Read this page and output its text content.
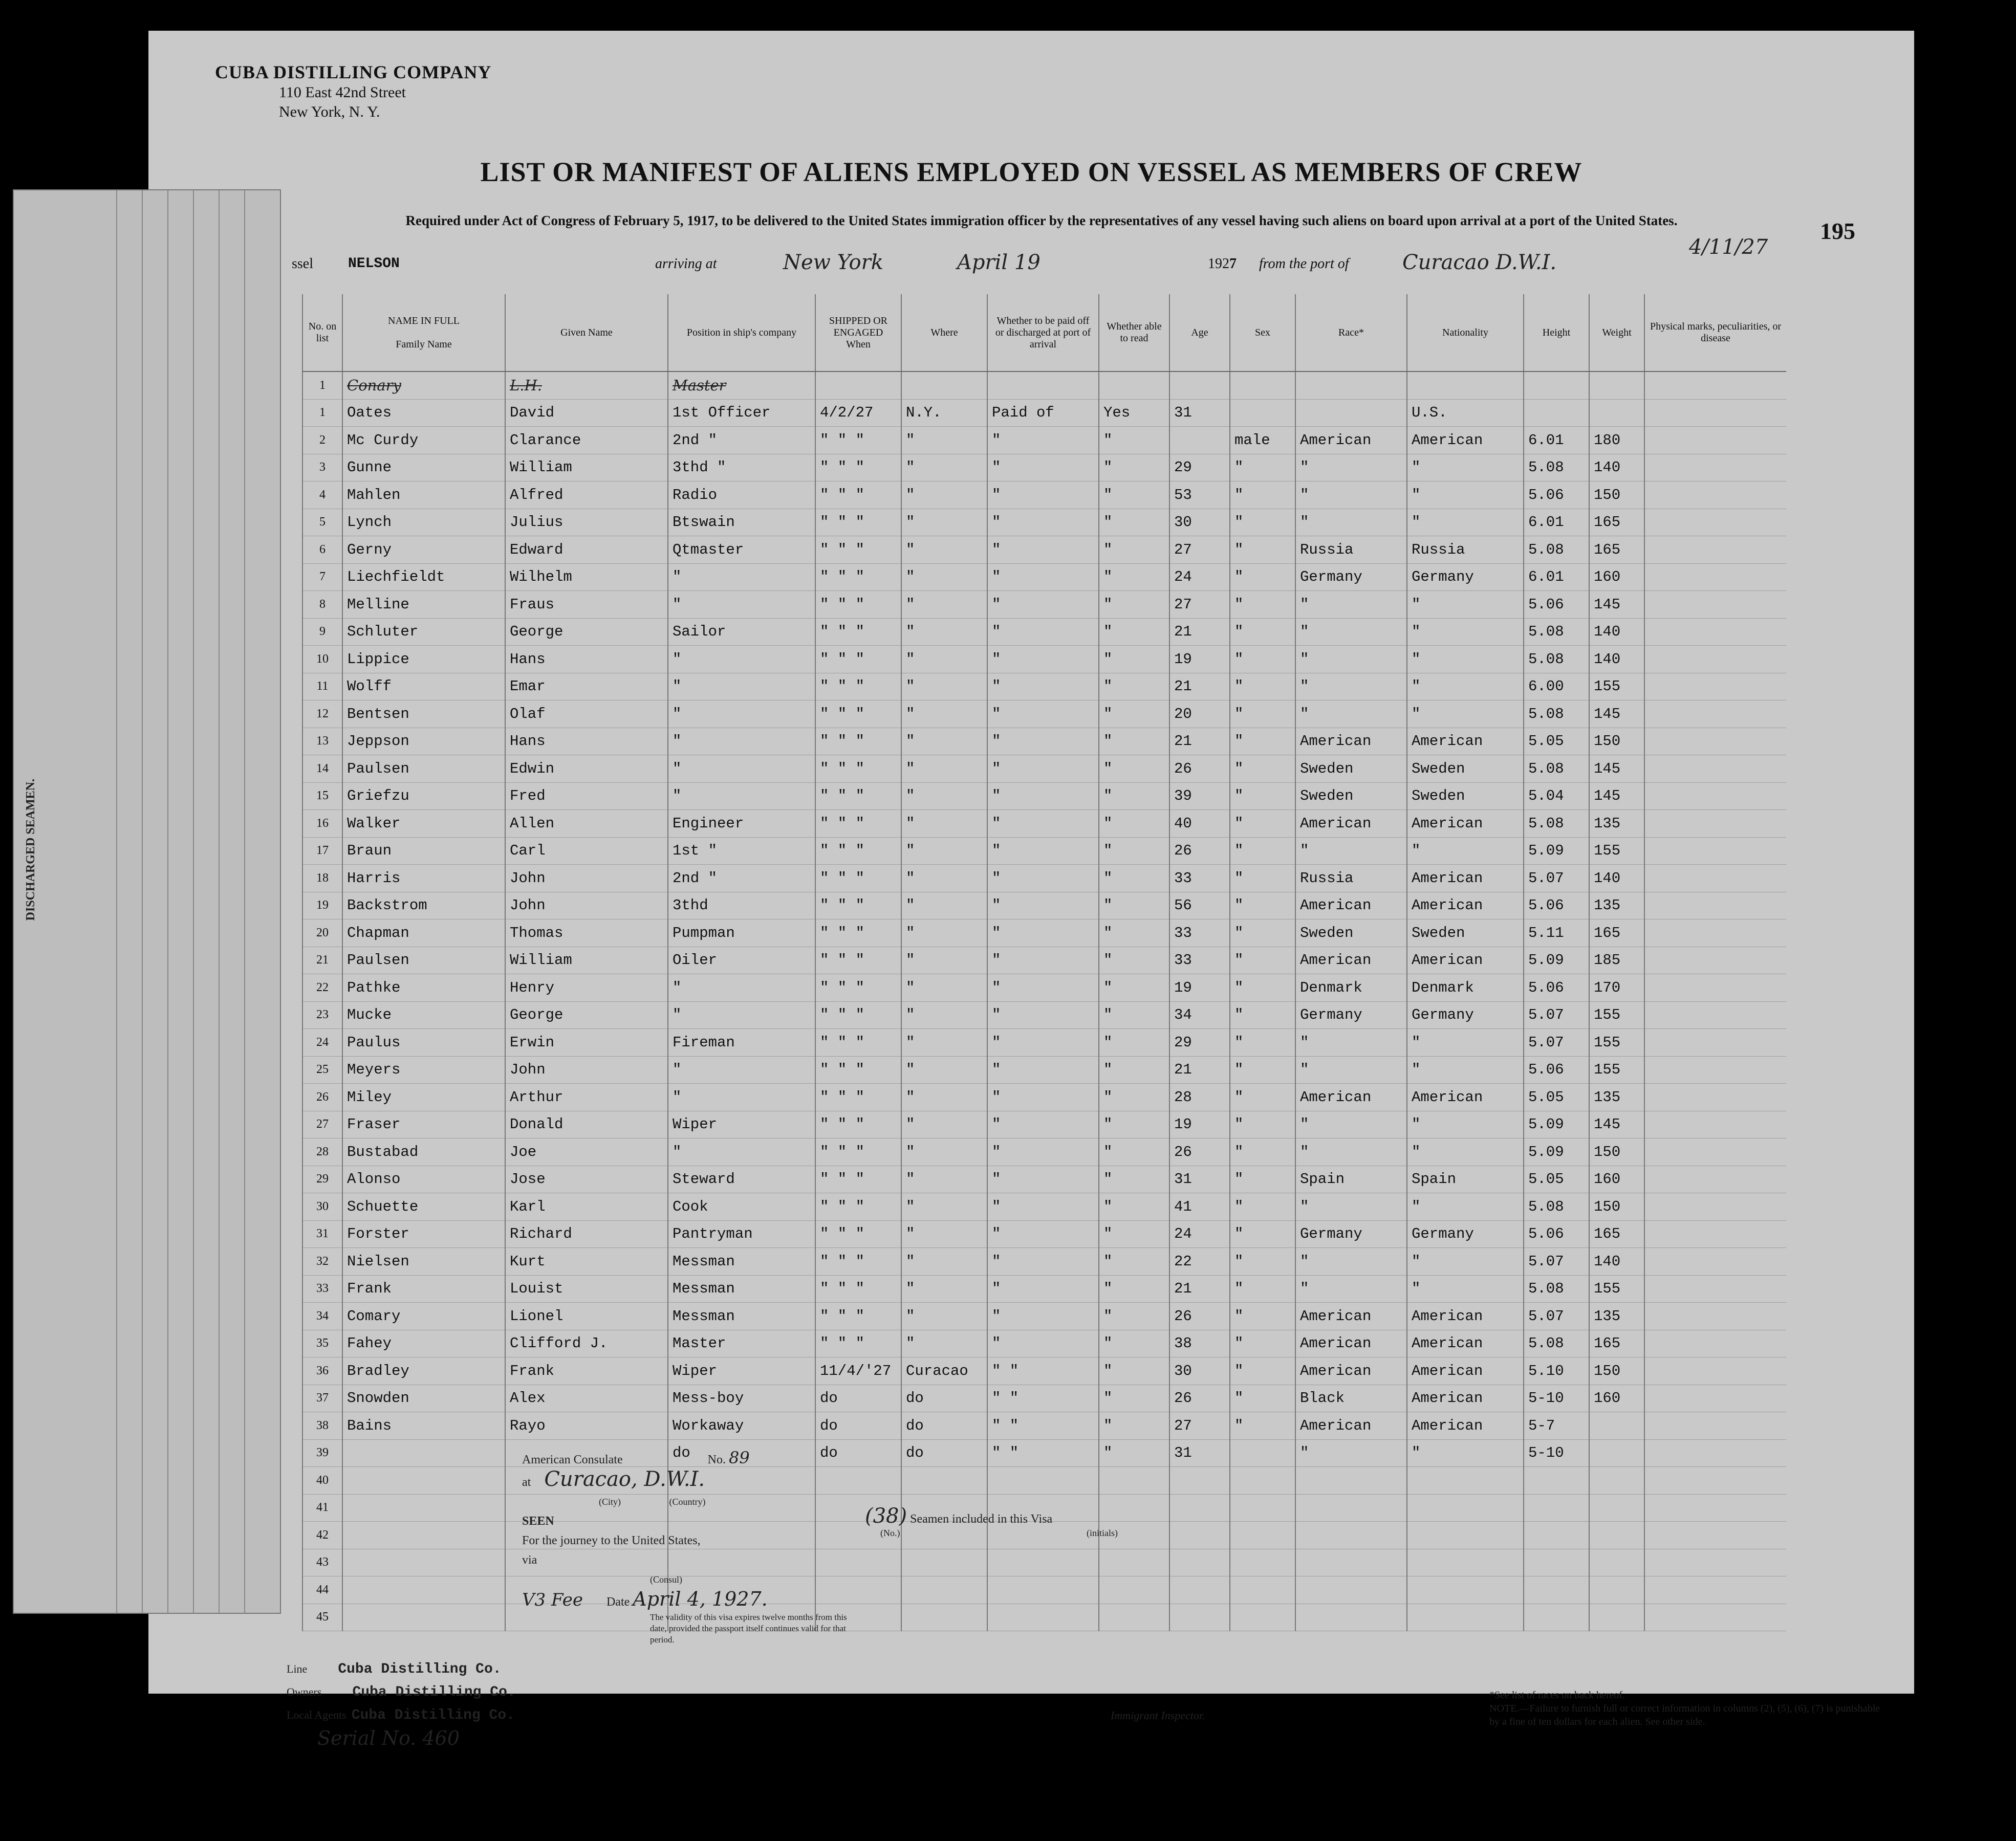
CUBA DISTILLING COMPANY
110 East 42nd Street
New York, N. Y.
LIST OR MANIFEST OF ALIENS EMPLOYED ON VESSEL AS MEMBERS OF CREW
Required under Act of Congress of February 5, 1917, to be delivered to the United States immigration officer by the representatives of any vessel having such aliens on board upon arrival at a port of the United States.	195
ssel NELSON	arriving at	New York	April 19	1927 from the port of	Curacao D.W.I.
4/11/27
No. on list	NAME IN FULL

Family Name	Given Name	Position in ship's company	SHIPPED OR ENGAGED
When	Where	Whether to be paid off or discharged at port of arrival	Whether able to read	Age	Sex	Race*	Nationality	Height	Weight	Physical marks, peculiarities, or disease
1	Conary	L.H.	Master											
1	Oates	David	1st Officer	4/2/27	N.Y.	Paid of	Yes	31			U.S.			
2	Mc Curdy	Clarance	2nd "	" " "	"	"	"		male	American	American	6.01	180	
3	Gunne	William	3thd "	" " "	"	"	"	29	"	"	"	5.08	140	
4	Mahlen	Alfred	Radio	" " "	"	"	"	53	"	"	"	5.06	150	
5	Lynch	Julius	Btswain	" " "	"	"	"	30	"	"	"	6.01	165	
6	Gerny	Edward	Qtmaster	" " "	"	"	"	27	"	Russia	Russia	5.08	165	
7	Liechfieldt	Wilhelm	"	" " "	"	"	"	24	"	Germany	Germany	6.01	160	
8	Melline	Fraus	"	" " "	"	"	"	27	"	"	"	5.06	145	
9	Schluter	George	Sailor	" " "	"	"	"	21	"	"	"	5.08	140	
10	Lippice	Hans	"	" " "	"	"	"	19	"	"	"	5.08	140	
11	Wolff	Emar	"	" " "	"	"	"	21	"	"	"	6.00	155	
12	Bentsen	Olaf	"	" " "	"	"	"	20	"	"	"	5.08	145	
13	Jeppson	Hans	"	" " "	"	"	"	21	"	American	American	5.05	150	
14	Paulsen	Edwin	"	" " "	"	"	"	26	"	Sweden	Sweden	5.08	145	
15	Griefzu	Fred	"	" " "	"	"	"	39	"	Sweden	Sweden	5.04	145	
16	Walker	Allen	Engineer	" " "	"	"	"	40	"	American	American	5.08	135	
17	Braun	Carl	1st "	" " "	"	"	"	26	"	"	"	5.09	155	
18	Harris	John	2nd "	" " "	"	"	"	33	"	Russia	American	5.07	140	
19	Backstrom	John	3thd	" " "	"	"	"	56	"	American	American	5.06	135	
20	Chapman	Thomas	Pumpman	" " "	"	"	"	33	"	Sweden	Sweden	5.11	165	
21	Paulsen	William	Oiler	" " "	"	"	"	33	"	American	American	5.09	185	
22	Pathke	Henry	"	" " "	"	"	"	19	"	Denmark	Denmark	5.06	170	
23	Mucke	George	"	" " "	"	"	"	34	"	Germany	Germany	5.07	155	
24	Paulus	Erwin	Fireman	" " "	"	"	"	29	"	"	"	5.07	155	
25	Meyers	John	"	" " "	"	"	"	21	"	"	"	5.06	155	
26	Miley	Arthur	"	" " "	"	"	"	28	"	American	American	5.05	135	
27	Fraser	Donald	Wiper	" " "	"	"	"	19	"	"	"	5.09	145	
28	Bustabad	Joe	"	" " "	"	"	"	26	"	"	"	5.09	150	
29	Alonso	Jose	Steward	" " "	"	"	"	31	"	Spain	Spain	5.05	160	
30	Schuette	Karl	Cook	" " "	"	"	"	41	"	"	"	5.08	150	
31	Forster	Richard	Pantryman	" " "	"	"	"	24	"	Germany	Germany	5.06	165	
32	Nielsen	Kurt	Messman	" " "	"	"	"	22	"	"	"	5.07	140	
33	Frank	Louist	Messman	" " "	"	"	"	21	"	"	"	5.08	155	
34	Comary	Lionel	Messman	" " "	"	"	"	26	"	American	American	5.07	135	
35	Fahey	Clifford J.	Master	" " "	"	"	"	38	"	American	American	5.08	165	
36	Bradley	Frank	Wiper	11/4/'27	Curacao	" "	"	30	"	American	American	5.10	150	
37	Snowden	Alex	Mess-boy	do	do	" "	"	26	"	Black	American	5-10	160	
38	Bains	Rayo	Workaway	do	do	" "	"	27	"	American	American	5-7		
39			do	do	do	" "	"	31		"	"	5-10		
40														
41														
42														
43														
44														
45														
American Consulate	No. 89
at Curacao, D.W.I.
(City)	(Country)
SEEN
For the journey to the United States,
via
(Consul)
V3 Fee Date April 4, 1927.
The validity of this visa expires twelve months from this date, provided the passport itself continues valid for that period.
(38) Seamen included in this Visa
(No.)	(initials)
Line Cuba Distilling Co.
Owners Cuba Distilling Co.
Local Agents Cuba Distilling Co.
Serial No. 460
Immigrant Inspector.
*See list of races on back hereof.
NOTE.—Failure to furnish full or correct information in columns (2), (5), (6), (7) is punishable by a fine of ten dollars for each alien. See other side.
DISCHARGED SEAMEN.
